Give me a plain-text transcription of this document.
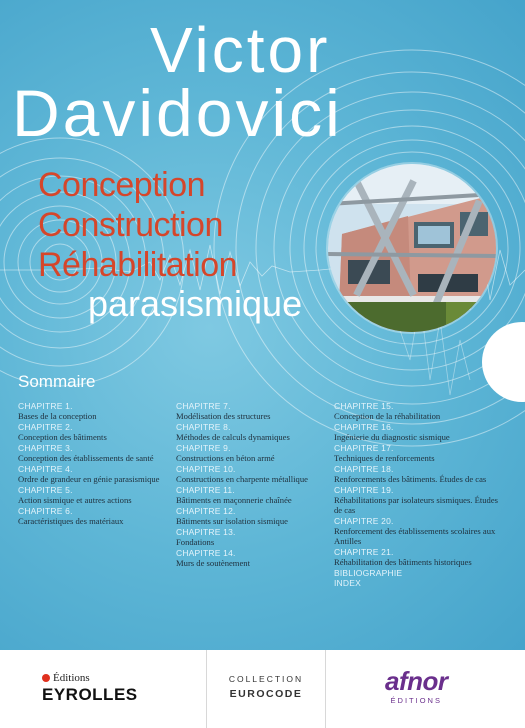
Victor
Davidovici
Conception
Construction
Réhabilitation
parasismique
Sommaire
CHAPITRE 1.
Bases de la conception
CHAPITRE 2.
Conception des bâtiments
CHAPITRE 3.
Conception des établissements de santé
CHAPITRE 4.
Ordre de grandeur en génie parasismique
CHAPITRE 5.
Action sismique et autres actions
CHAPITRE 6.
Caractéristiques des matériaux
CHAPITRE 7.
Modélisation des structures
CHAPITRE 8.
Méthodes de calculs dynamiques
CHAPITRE 9.
Constructions en béton armé
CHAPITRE 10.
Constructions en charpente métallique
CHAPITRE 11.
Bâtiments en maçonnerie chaînée
CHAPITRE 12.
Bâtiments sur isolation sismique
CHAPITRE 13.
Fondations
CHAPITRE 14.
Murs de soutènement
CHAPITRE 15.
Conception de la réhabilitation
CHAPITRE 16.
Ingénierie du diagnostic sismique
CHAPITRE 17.
Techniques de renforcements
CHAPITRE 18.
Renforcements des bâtiments. Études de cas
CHAPITRE 19.
Réhabilitations par isolateurs sismiques. Études de cas
CHAPITRE 20.
Renforcement des établissements scolaires aux Antilles
CHAPITRE 21.
Réhabilitation des bâtiments historiques
BIBLIOGRAPHIE
INDEX
Éditions
EYROLLES
COLLECTION
EUROCODE	afnor
ÉDITIONS
